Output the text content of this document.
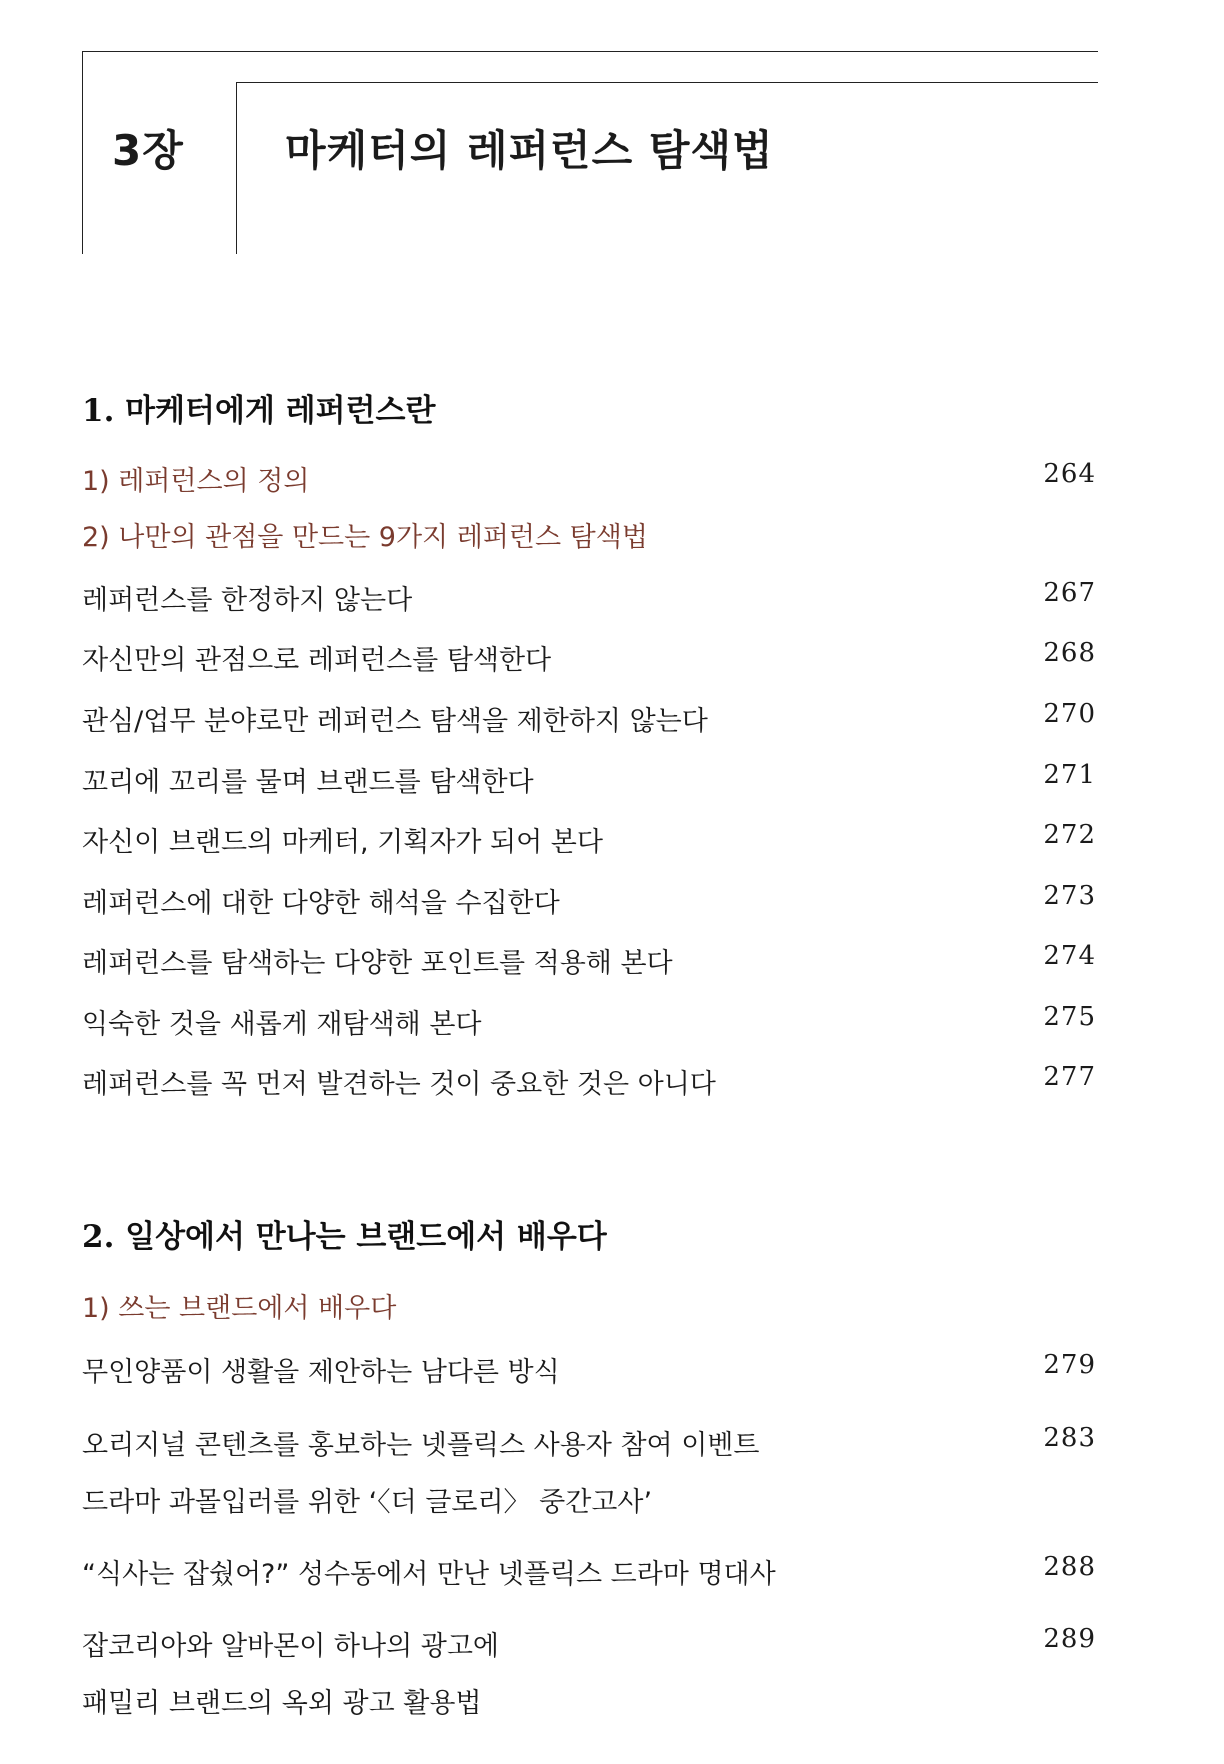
3장 마케터의 레퍼런스 탐색법
1. 마케터에게 레퍼런스란
1) 레퍼런스의 정의	264
2) 나만의 관점을 만드는 9가지 레퍼런스 탐색법
레퍼런스를 한정하지 않는다	267
자신만의 관점으로 레퍼런스를 탐색한다	268
관심/업무 분야로만 레퍼런스 탐색을 제한하지 않는다	270
꼬리에 꼬리를 물며 브랜드를 탐색한다	271
자신이 브랜드의 마케터, 기획자가 되어 본다	272
레퍼런스에 대한 다양한 해석을 수집한다	273
레퍼런스를 탐색하는 다양한 포인트를 적용해 본다	274
익숙한 것을 새롭게 재탐색해 본다	275
레퍼런스를 꼭 먼저 발견하는 것이 중요한 것은 아니다	277
2. 일상에서 만나는 브랜드에서 배우다
1) 쓰는 브랜드에서 배우다
무인양품이 생활을 제안하는 남다른 방식	279
오리지널 콘텐츠를 홍보하는 넷플릭스 사용자 참여 이벤트	283
드라마 과몰입러를 위한 ‘〈더 글로리〉 중간고사’
“식사는 잡쉈어?” 성수동에서 만난 넷플릭스 드라마 명대사	288
잡코리아와 알바몬이 하나의 광고에	289
패밀리 브랜드의 옥외 광고 활용법
